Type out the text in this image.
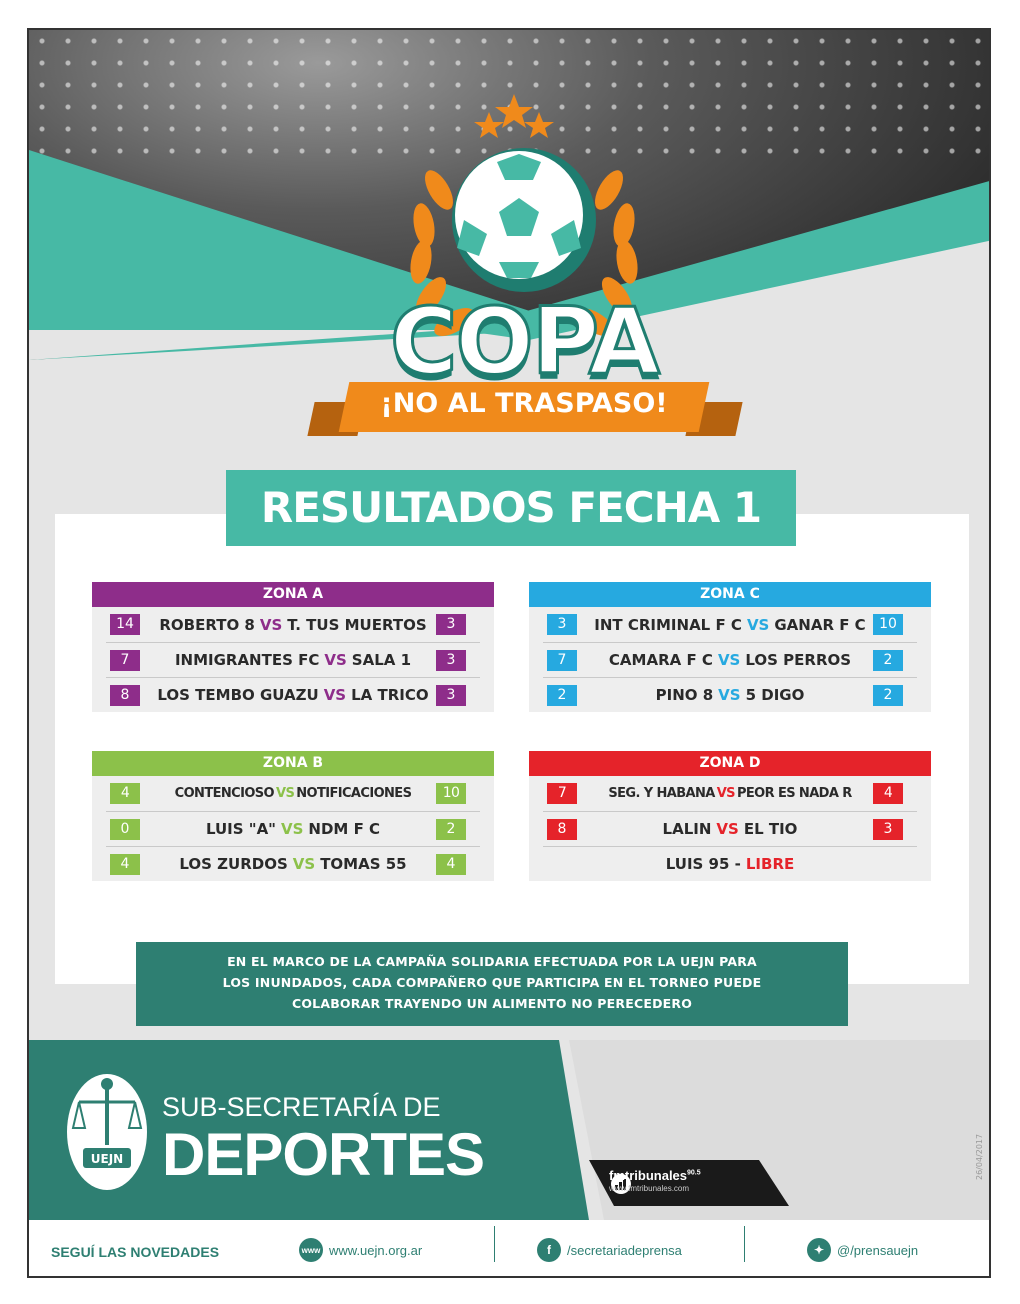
COPA
¡NO AL TRASPASO!
RESULTADOS FECHA 1
ZONA A
14	ROBERTO 8 VS T. TUS MUERTOS	3
7	INMIGRANTES FC VS SALA 1	3
8	LOS TEMBO GUAZU VS LA TRICO	3
ZONA C
3	INT CRIMINAL F C VS GANAR F C 10
7	CAMARA F C VS LOS PERROS	2
2	PINO 8 VS 5 DIGO	2
ZONA B
4	CONTENCIOSO VS NOTIFICACIONES	10
0	LUIS "A" VS NDM F C	2
4	LOS ZURDOS VS TOMAS 55	4
ZONA D
7	SEG. Y HABANA VS PEOR ES NADA R	4
8	LALIN VS EL TIO	3
LUIS 95 - LIBRE
EN EL MARCO DE LA CAMPAÑA SOLIDARIA EFECTUADA POR LA UEJN PARA
LOS INUNDADOS, CADA COMPAÑERO QUE PARTICIPA EN EL TORNEO PUEDE
COLABORAR TRAYENDO UN ALIMENTO NO PERECEDERO
UEJN
SUB-SECRETARÍA DE
DEPORTES	fmtribunales$^{90.5}$
www.fmtribunales.com
26/04/2017
SEGUÍ LAS NOVEDADES	www www.uejn.org.ar	f	/secretariadeprensa	✦ @/prensauejn
